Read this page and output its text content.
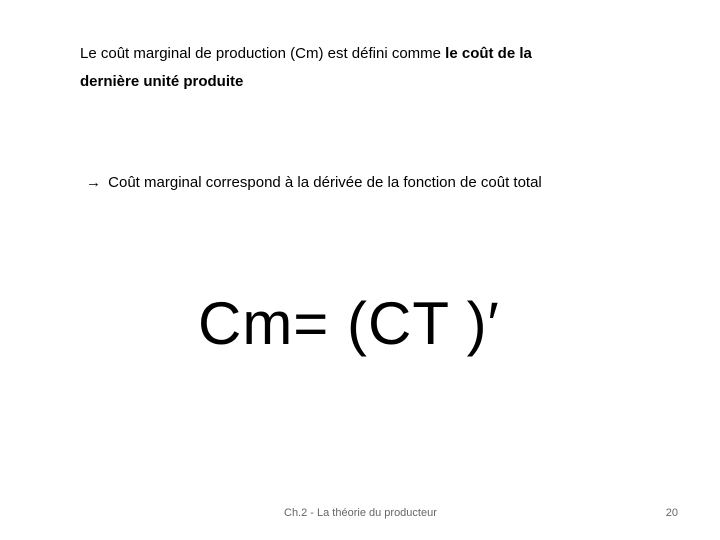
Le coût marginal de production (Cm) est défini comme le coût de la dernière unité produite
→ Coût marginal correspond à la dérivée de la fonction de coût total
Cm= (CT )′
Ch.2 - La théorie du producteur	20
